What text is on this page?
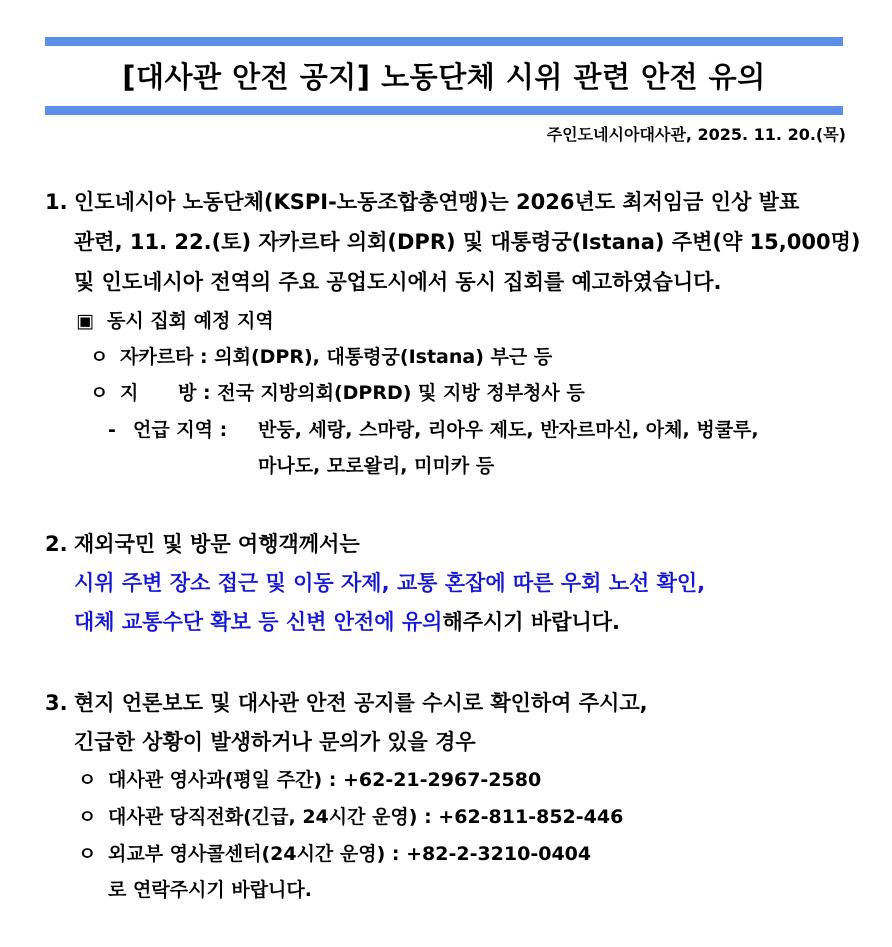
[대사관 안전 공지] 노동단체 시위 관련 안전 유의
주인도네시아대사관, 2025. 11. 20.(목)
1. 인도네시아 노동단체(KSPI-노동조합총연맹)는 2026년도 최저임금 인상 발표
관련, 11. 22.(토) 자카르타 의회(DPR) 및 대통령궁(Istana) 주변(약 15,000명)
및 인도네시아 전역의 주요 공업도시에서 동시 집회를 예고하였습니다.
▣ 동시 집회 예정 지역
ㅇ 자카르타 : 의회(DPR), 대통령궁(Istana) 부근 등
ㅇ 지      방 : 전국 지방의회(DPRD) 및 지방 정부청사 등
- 언급 지역 : 반둥, 세랑, 스마랑, 리아우 제도, 반자르마신, 아체, 벙쿨루,
마나도, 모로왈리, 미미카 등
2. 재외국민 및 방문 여행객께서는
시위 주변 장소 접근 및 이동 자제, 교통 혼잡에 따른 우회 노선 확인,
대체 교통수단 확보 등 신변 안전에 유의해주시기 바랍니다.
3. 현지 언론보도 및 대사관 안전 공지를 수시로 확인하여 주시고,
긴급한 상황이 발생하거나 문의가 있을 경우
ㅇ 대사관 영사과(평일 주간) : +62-21-2967-2580
ㅇ 대사관 당직전화(긴급, 24시간 운영) : +62-811-852-446
ㅇ 외교부 영사콜센터(24시간 운영) : +82-2-3210-0404
로 연락주시기 바랍니다.
